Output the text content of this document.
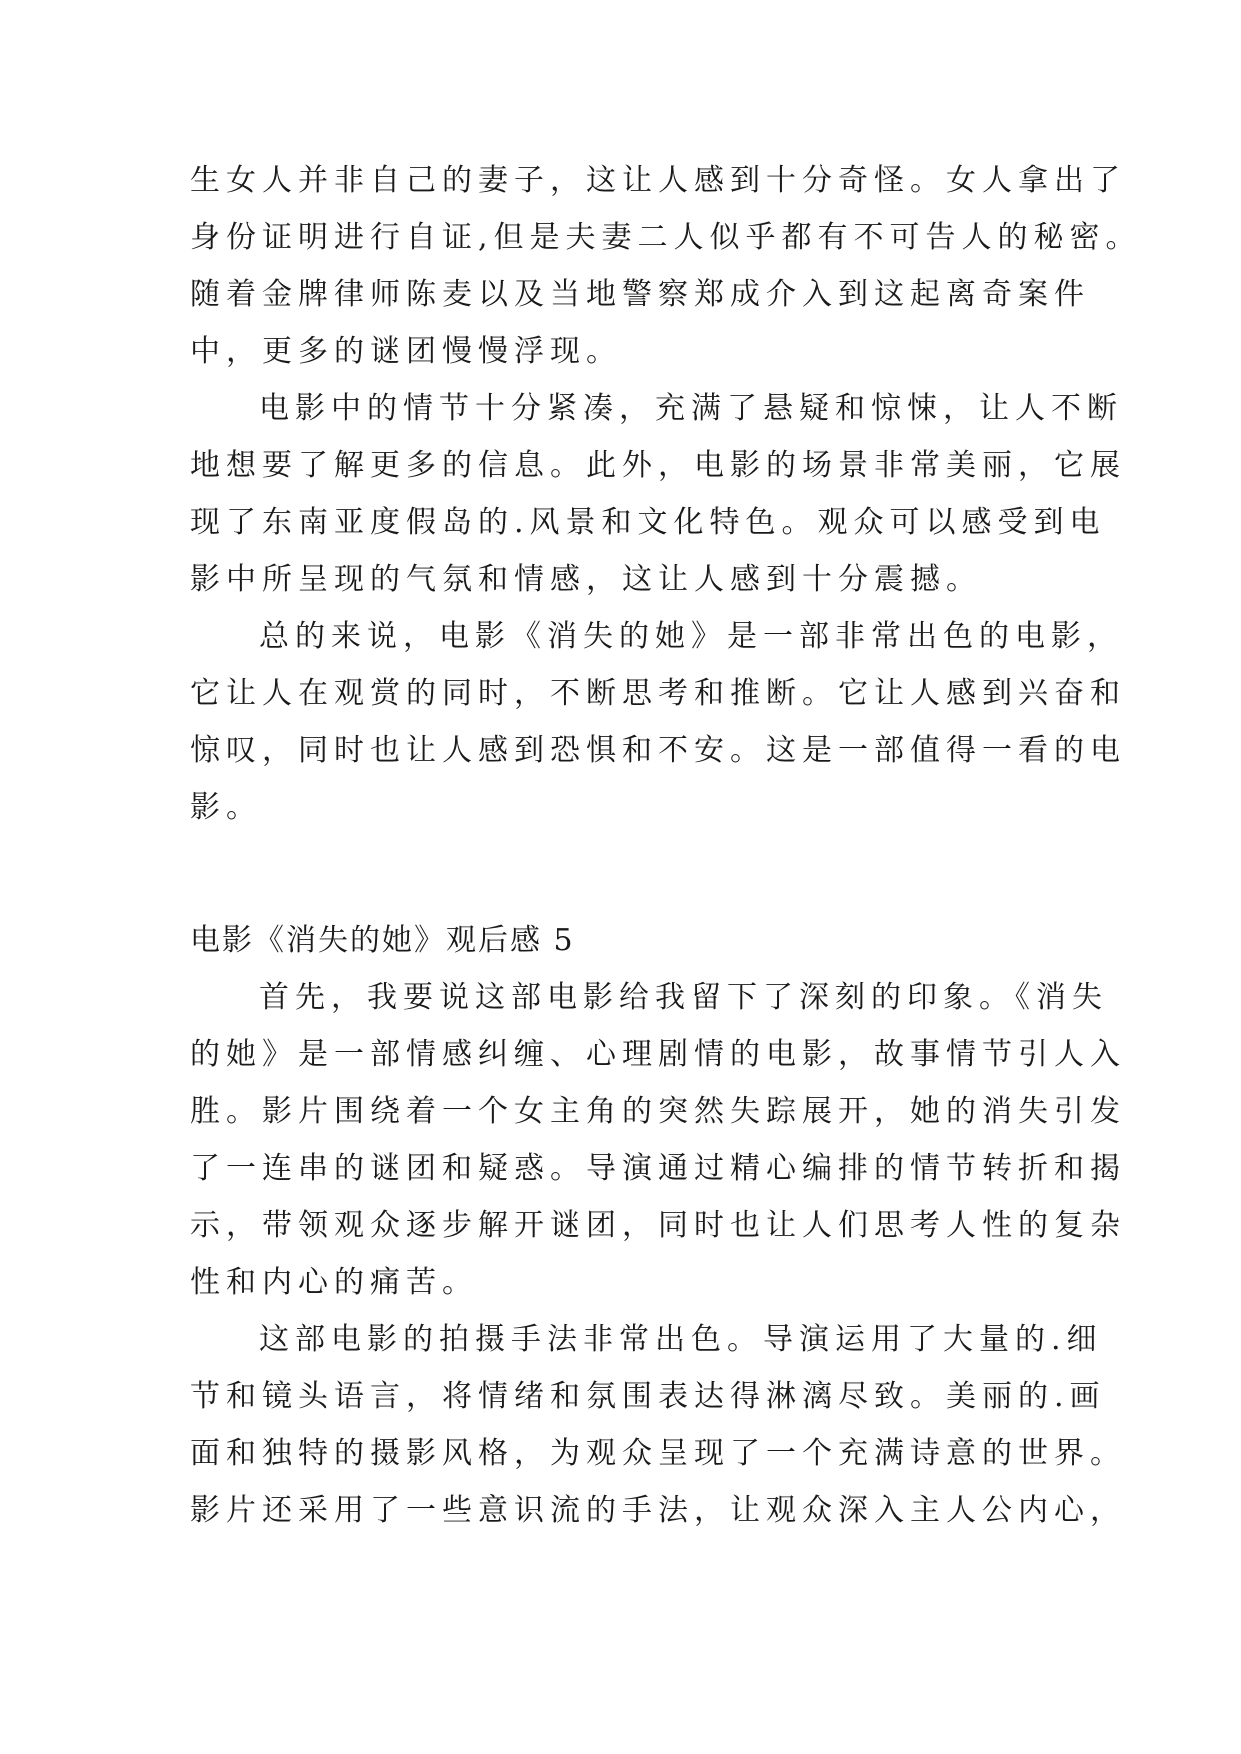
生女人并非自己的妻子，这让人感到十分奇怪。女人拿出了
身份证明进行自证,但是夫妻二人似乎都有不可告人的秘密。
随着金牌律师陈麦以及当地警察郑成介入到这起离奇案件
中，更多的谜团慢慢浮现。
电影中的情节十分紧凑，充满了悬疑和惊悚，让人不断
地想要了解更多的信息。此外，电影的场景非常美丽，它展
现了东南亚度假岛的.风景和文化特色。观众可以感受到电
影中所呈现的气氛和情感，这让人感到十分震撼。
总的来说，电影《消失的她》是一部非常出色的电影，
它让人在观赏的同时，不断思考和推断。它让人感到兴奋和
惊叹，同时也让人感到恐惧和不安。这是一部值得一看的电
影。
电影《消失的她》观后感 5
首先，我要说这部电影给我留下了深刻的印象。《消失
的她》是一部情感纠缠、心理剧情的电影，故事情节引人入
胜。影片围绕着一个女主角的突然失踪展开，她的消失引发
了一连串的谜团和疑惑。导演通过精心编排的情节转折和揭
示，带领观众逐步解开谜团，同时也让人们思考人性的复杂
性和内心的痛苦。
这部电影的拍摄手法非常出色。导演运用了大量的.细
节和镜头语言，将情绪和氛围表达得淋漓尽致。美丽的.画
面和独特的摄影风格，为观众呈现了一个充满诗意的世界。
影片还采用了一些意识流的手法，让观众深入主人公内心，
